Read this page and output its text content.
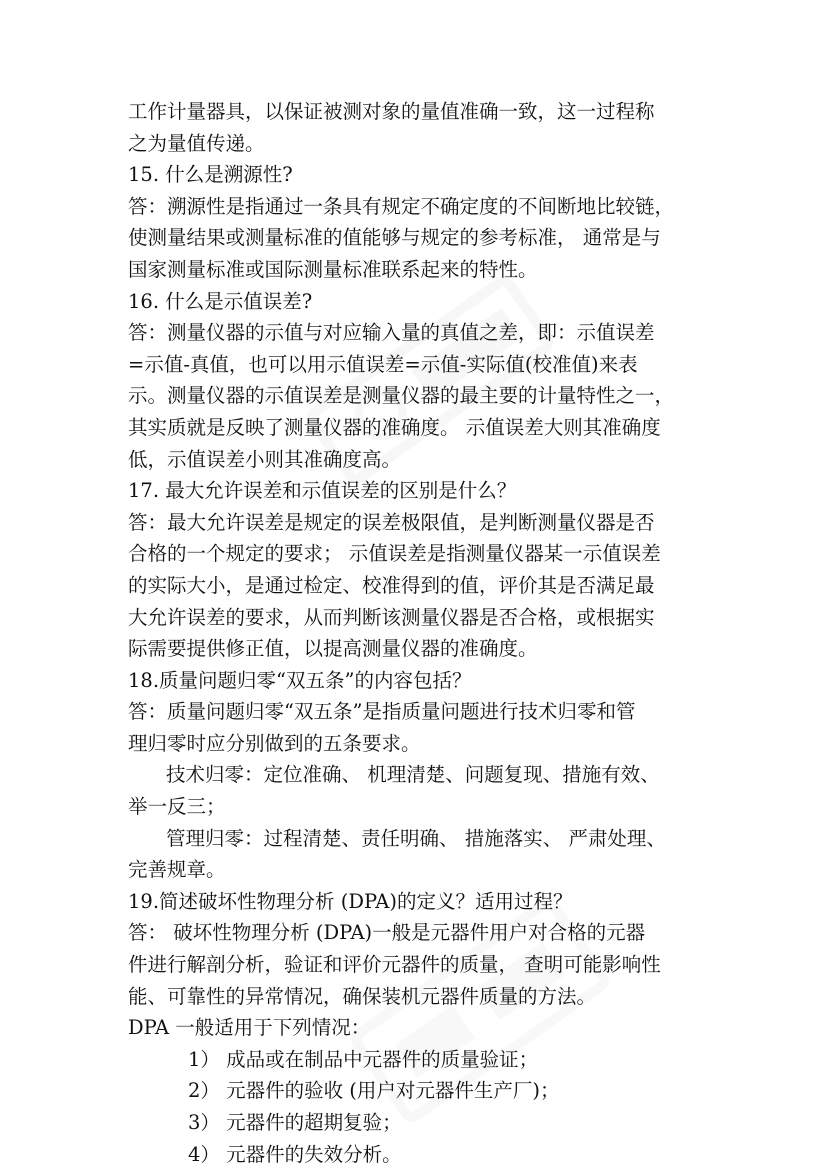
工作计量器具，以保证被测对象的量值准确一致，这一过程称
之为量值传递。
15. 什么是溯源性?
答：溯源性是指通过一条具有规定不确定度的不间断地比较链，
使测量结果或测量标准的值能够与规定的参考标准， 通常是与
国家测量标准或国际测量标准联系起来的特性。
16. 什么是示值误差?
答：测量仪器的示值与对应输入量的真值之差，即：示值误差
=示值-真值，也可以用示值误差=示值-实际值(校准值)来表
示。测量仪器的示值误差是测量仪器的最主要的计量特性之一，
其实质就是反映了测量仪器的准确度。 示值误差大则其准确度
低，示值误差小则其准确度高。
17. 最大允许误差和示值误差的区别是什么？
答：最大允许误差是规定的误差极限值，是判断测量仪器是否
合格的一个规定的要求； 示值误差是指测量仪器某一示值误差
的实际大小，是通过检定、校准得到的值，评价其是否满足最
大允许误差的要求，从而判断该测量仪器是否合格，或根据实
际需要提供修正值，以提高测量仪器的准确度。
18.质量问题归零“双五条”的内容包括？
答：质量问题归零“双五条”是指质量问题进行技术归零和管
理归零时应分别做到的五条要求。
技术归零：定位准确、 机理清楚、问题复现、措施有效、
举一反三；
管理归零：过程清楚、责任明确、 措施落实、 严肃处理、
完善规章。
19.简述破坏性物理分析 (DPA)的定义？适用过程？
答： 破坏性物理分析 (DPA)一般是元器件用户对合格的元器
件进行解剖分析，验证和评价元器件的质量， 查明可能影响性
能、可靠性的异常情况，确保装机元器件质量的方法。
DPA 一般适用于下列情况：
1） 成品或在制品中元器件的质量验证；
2） 元器件的验收 (用户对元器件生产厂)；
3） 元器件的超期复验；
4） 元器件的失效分析。
